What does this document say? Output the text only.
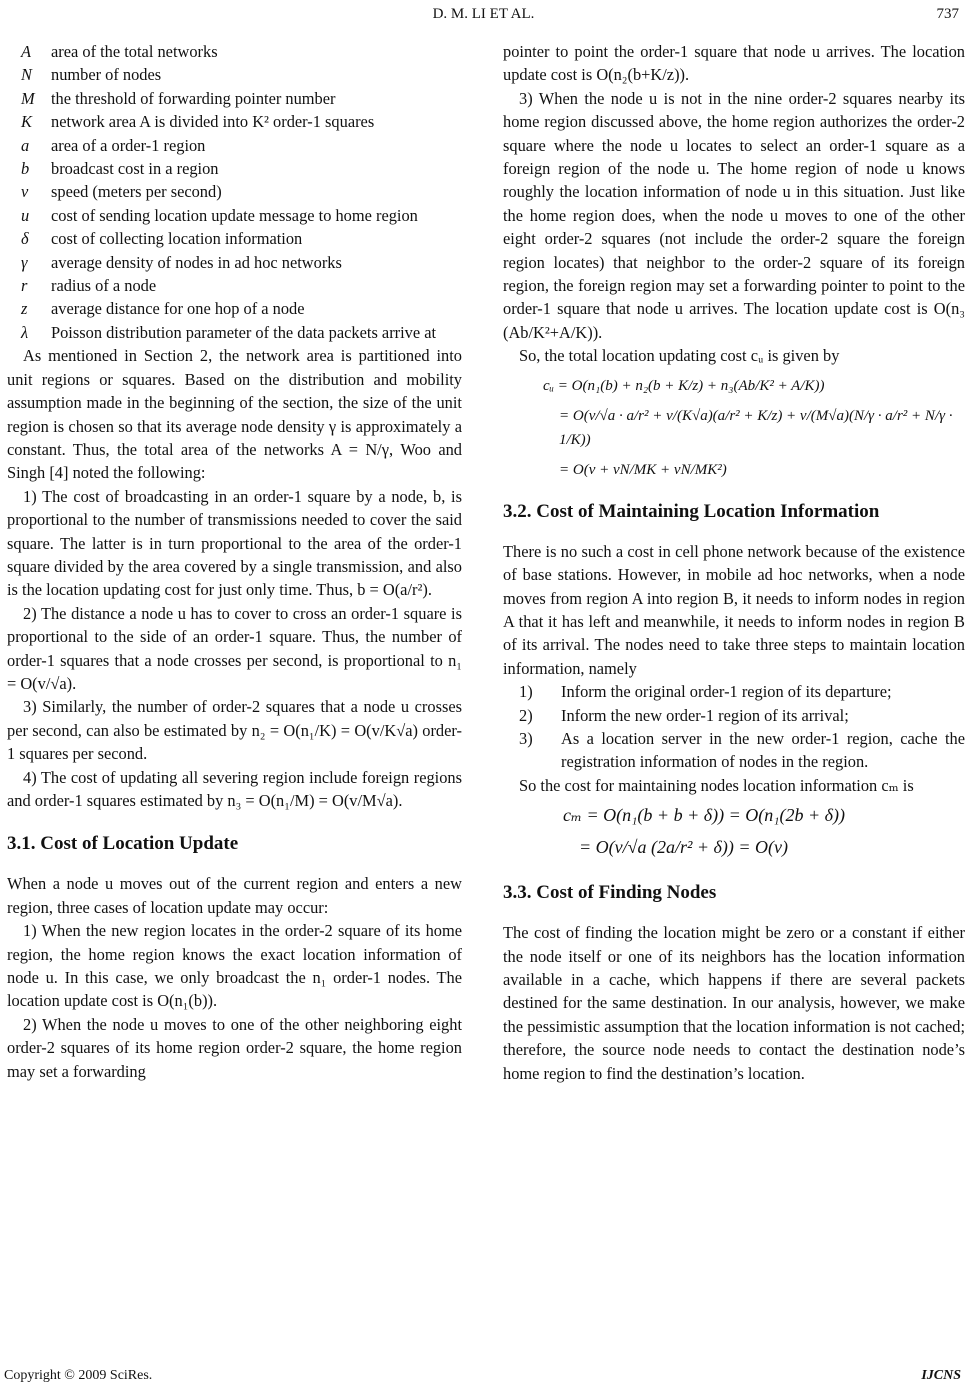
D. M. LI ET AL.	737
A	area of the total networks
N	number of nodes
M the threshold of forwarding pointer number
K	network area A is divided into K² order-1 squares
a	area of a order-1 region
b	broadcast cost in a region
v	speed (meters per second)
u	cost of sending location update message to home region
δ	cost of collecting location information
γ	average density of nodes in ad hoc networks
r	radius of a node
z	average distance for one hop of a node
λ	Poisson distribution parameter of the data packets arrive at

As mentioned in Section 2, the network area is partitioned into unit regions or squares. Based on the distribution and mobility assumption made in the beginning of the section, the size of the unit region is chosen so that its average node density γ is approximately a constant. Thus, the total area of the networks A = N/γ, Woo and Singh [4] noted the following:

1) The cost of broadcasting in an order-1 square by a node, b, is proportional to the number of transmissions needed to cover the said square. The latter is in turn proportional to the area of the order-1 square divided by the area covered by a single transmission, and also is the location updating cost for just only time. Thus, b = O(a/r²).

2) The distance a node u has to cover to cross an order-1 square is proportional to the side of an order-1 square. Thus, the number of order-1 squares that a node crosses per second, is proportional to n₁ = O(v/√a).

3) Similarly, the number of order-2 squares that a node u crosses per second, can also be estimated by n₂ = O(n₁/K) = O(v/K√a) order-1 squares per second.

4) The cost of updating all severing region include foreign regions and order-1 squares estimated by n₃ = O(n₁/M) = O(v/M√a).

3.1. Cost of Location Update

When a node u moves out of the current region and enters a new region, three cases of location update may occur:

1) When the new region locates in the order-2 square of its home region, the home region knows the exact location information of node u. In this case, we only broadcast the n₁ order-1 nodes. The location update cost is O(n₁(b)).

2) When the node u moves to one of the other neighboring eight order-2 squares of its home region order-2 square, the home region may set a forwarding

pointer to point the order-1 square that node u arrives. The location update cost is O(n₂(b+K/z)).

3) When the node u is not in the nine order-2 squares nearby its home region discussed above, the home region authorizes the order-2 square where the node u locates to select an order-1 square as a foreign region of the node u. The home region of node u knows roughly the location information of node u in this situation. Just like the home region does, when the node u moves to one of the other eight order-2 squares (not include the order-2 square the foreign region locates) that neighbor to the order-2 square of its foreign region, the foreign region may set a forwarding pointer to point to the order-1 square that node u arrives. The location update cost is O(n₃ (Ab/K²+A/K)).

So, the total location updating cost cᵤ is given by

cᵤ = O(n₁(b) + n₂(b + K/z) + n₃(Ab/K² + A/K))
= O(v/√a · a/r² + v/(K√a)(a/r² + K/z) + v/(M√a)(N/γ · a/r² + N/γ · 1/K))
= O(v + vN/MK + vN/MK²)
3.2. Cost of Maintaining Location Information

There is no such a cost in cell phone network because of the existence of base stations. However, in mobile ad hoc networks, when a node moves from region A into region B, it needs to inform nodes in region A that it has left and meanwhile, it needs to inform nodes in region B of its arrival. The nodes need to take three steps to maintain location information, namely

1)	Inform the original order-1 region of its departure;
2)	Inform the new order-1 region of its arrival;
3)	As a location server in the new order-1 region, cache the registration information of nodes in the region.

So the cost for maintaining nodes location information cₘ is

cₘ = O(n₁(b + b + δ)) = O(n₁(2b + δ))
= O(v/√a (2a/r² + δ)) = O(v)
3.3. Cost of Finding Nodes

The cost of finding the location might be zero or a constant if either the node itself or one of its neighbors has the location information available in a cache, which happens if there are several packets destined for the same destination. In our analysis, however, we make the pessimistic assumption that the location information is not cached; therefore, the source node needs to contact the destination node’s home region to find the destination’s location.

Copyright © 2009 SciRes.	IJCNS
